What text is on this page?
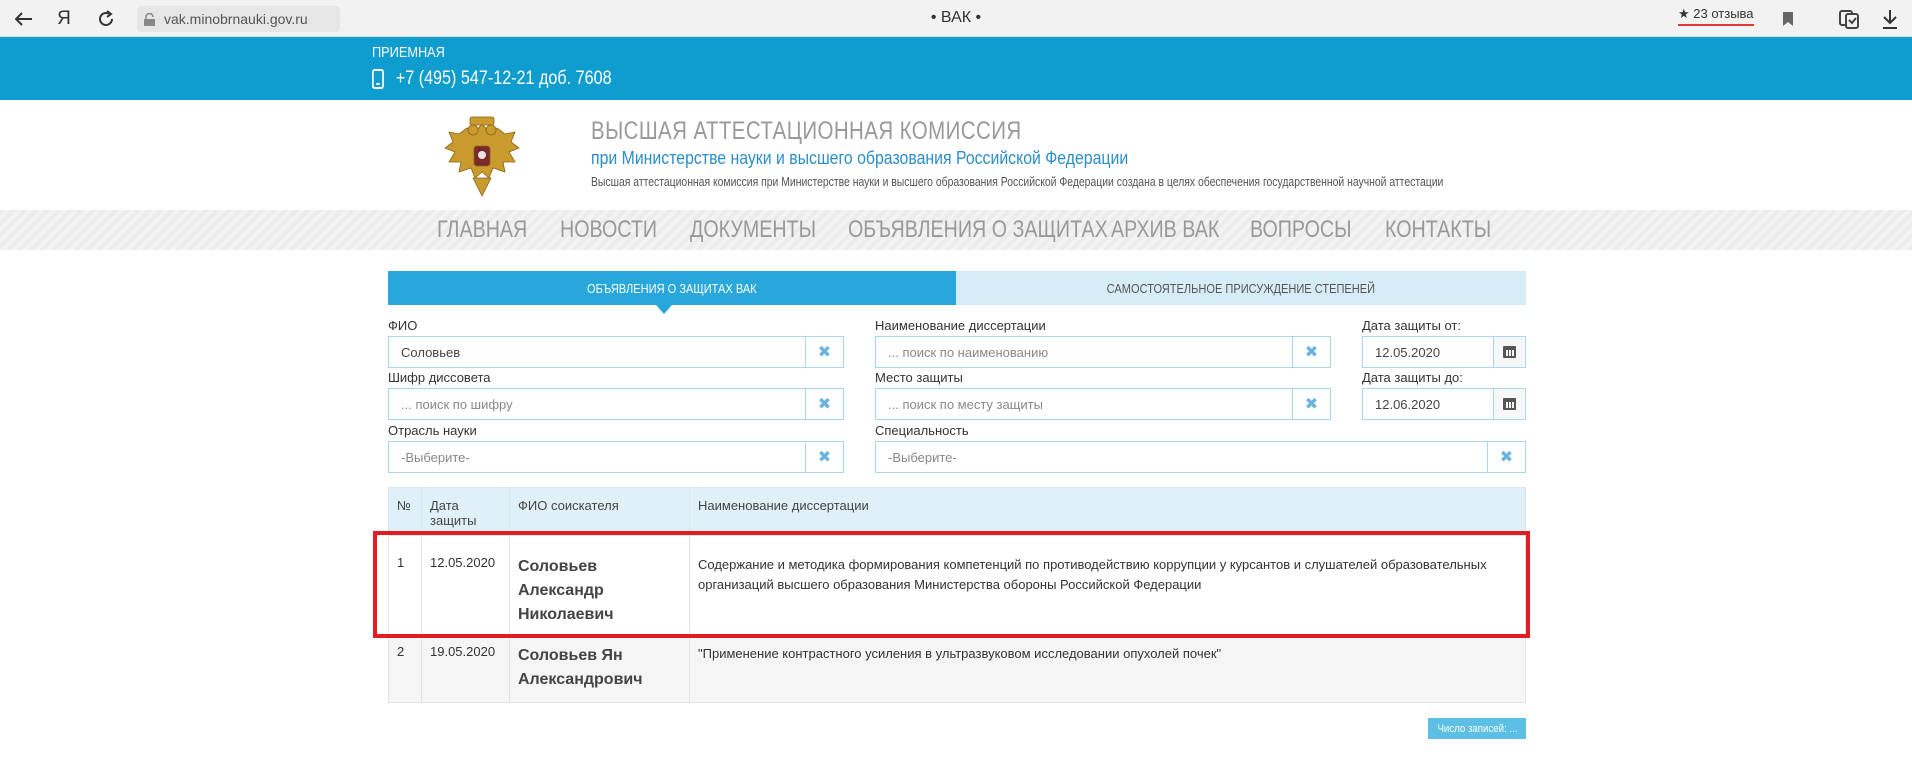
Я	vak.minobrnauki.gov.ru	• ВАК •	★ 23 отзыва
ПРИЕМНАЯ
+7 (495) 547-12-21 доб. 7608
ВЫСШАЯ АТТЕСТАЦИОННАЯ КОМИССИЯ
при Министерстве науки и высшего образования Российской Федерации
Высшая аттестационная комиссия при Министерстве науки и высшего образования Российской Федерации создана в целях обеспечения государственной научной аттестации
ГЛАВНАЯ НОВОСТИ ДОКУМЕНТЫ ОБЪЯВЛЕНИЯ О ЗАЩИТАХ АРХИВ ВАК ВОПРОСЫ КОНТАКТЫ
ОБЪЯВЛЕНИЯ О ЗАЩИТАХ ВАК	САМОСТОЯТЕЛЬНОЕ ПРИСУЖДЕНИЕ СТЕПЕНЕЙ
ФИО
Соловьев
✖
Наименование диссертации
... поиск по наименованию
✖
Дата защиты от:
12.05.2020
Шифр диссовета
... поиск по шифру
✖
Место защиты
... поиск по месту защиты
✖
Дата защиты до:
12.06.2020
Отрасль науки
-Выберите-
✖
Специальность
-Выберите-
✖
№	Дата защиты	ФИО соискателя	Наименование диссертации
1	12.05.2020	Соловьев Александр Николаевич	Содержание и методика формирования компетенций по противодействию коррупции у курсантов и слушателей образовательных организаций высшего образования Министерства обороны Российской Федерации
2	19.05.2020	Соловьев Ян Александрович	"Применение контрастного усиления в ультразвуковом исследовании опухолей почек"
Число записей: ...
